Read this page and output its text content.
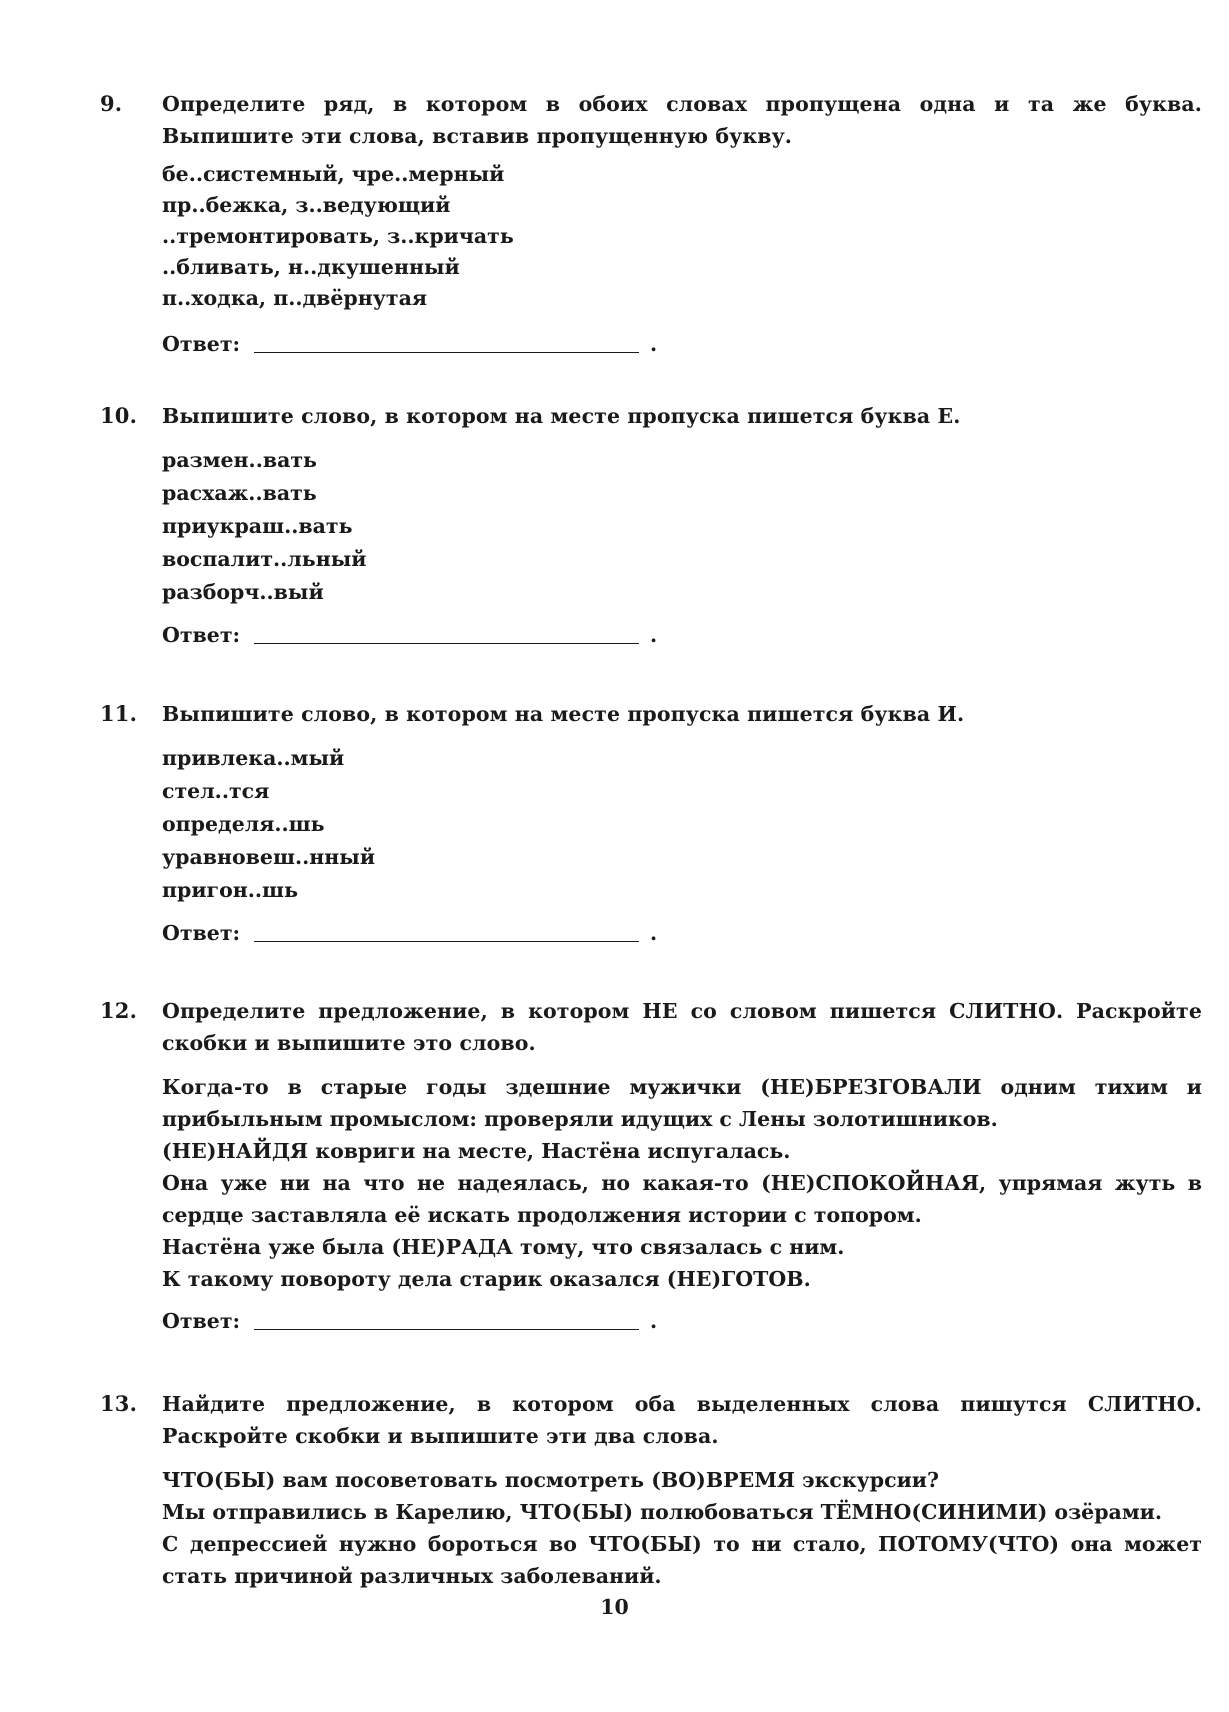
9. Определите ряд, в котором в обоих словах пропущена одна и та же буква. Выпишите эти слова, вставив пропущенную букву.

бе..системный, чре..мерный
пр..бежка, з..ведующий
..тремонтировать, з..кричать
..бливать, н..дкушенный
п..ходка, п..двёрнутая
Ответ:	.
10. Выпишите слово, в котором на месте пропуска пишется буква Е.

размен..вать
расхаж..вать
приукраш..вать
воспалит..льный
разборч..вый
Ответ:	.
11. Выпишите слово, в котором на месте пропуска пишется буква И.

привлека..мый
стел..тся
определя..шь
уравновеш..нный
пригон..шь
Ответ:	.
12. Определите предложение, в котором НЕ со словом пишется СЛИТНО. Раскройте скобки и выпишите это слово.

Когда-то в старые годы здешние мужички (НЕ)БРЕЗГОВАЛИ одним тихим и прибыльным промыслом: проверяли идущих с Лены золотишников.

(НЕ)НАЙДЯ ковриги на месте, Настёна испугалась.

Она уже ни на что не надеялась, но какая-то (НЕ)СПОКОЙНАЯ, упрямая жуть в сердце заставляла её искать продолжения истории с топором.

Настёна уже была (НЕ)РАДА тому, что связалась с ним.

К такому повороту дела старик оказался (НЕ)ГОТОВ.

Ответ:	.
13. Найдите предложение, в котором оба выделенных слова пишутся СЛИТНО. Раскройте скобки и выпишите эти два слова.

ЧТО(БЫ) вам посоветовать посмотреть (ВО)ВРЕМЯ экскурсии?

Мы отправились в Карелию, ЧТО(БЫ) полюбоваться ТЁМНО(СИНИМИ) озёрами.

С депрессией нужно бороться во ЧТО(БЫ) то ни стало, ПОТОМУ(ЧТО) она может стать причиной различных заболеваний.

10
